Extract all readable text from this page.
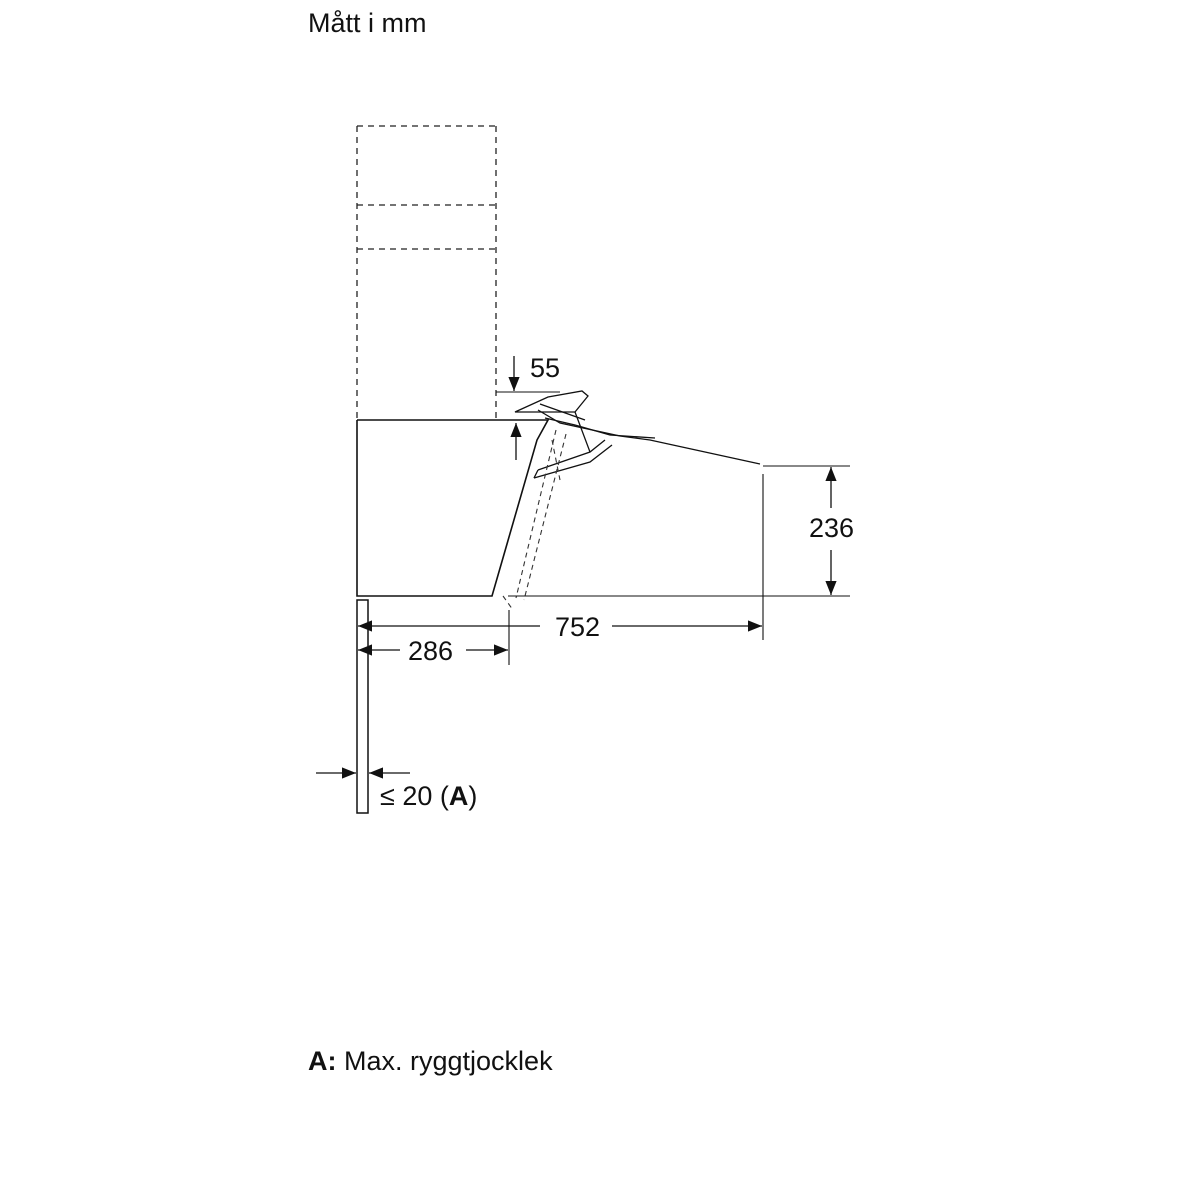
Mått i mm
55
236
752
286
≤ 20 (A)
A: Max. ryggtjocklek
